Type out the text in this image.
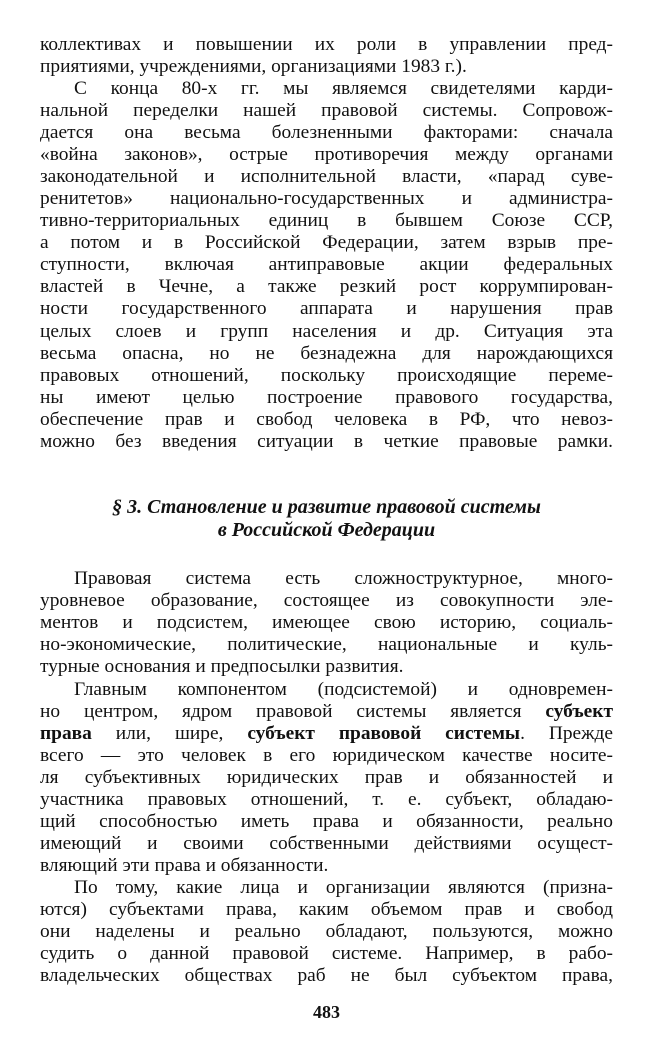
коллективах и повышении их роли в управлении пред-
приятиями, учреждениями, организациями 1983 г.).
С конца 80-х гг. мы являемся свидетелями карди-
нальной переделки нашей правовой системы. Сопровож-
дается она весьма болезненными факторами: сначала
«война законов», острые противоречия между органами
законодательной и исполнительной власти, «парад суве-
ренитетов» национально-государственных и администра-
тивно-территориальных единиц в бывшем Союзе ССР,
а потом и в Российской Федерации, затем взрыв пре-
ступности, включая антиправовые акции федеральных
властей в Чечне, а также резкий рост коррумпирован-
ности государственного аппарата и нарушения прав
целых слоев и групп населения и др. Ситуация эта
весьма опасна, но не безнадежна для нарождающихся
правовых отношений, поскольку происходящие переме-
ны имеют целью построение правового государства,
обеспечение прав и свобод человека в РФ, что невоз-
можно без введения ситуации в четкие правовые рамки.
§ 3. Становление и развитие правовой системы
в Российской Федерации
Правовая система есть сложноструктурное, много-
уровневое образование, состоящее из совокупности эле-
ментов и подсистем, имеющее свою историю, социаль-
но-экономические, политические, национальные и куль-
турные основания и предпосылки развития.
Главным компонентом (подсистемой) и одновремен-
но центром, ядром правовой системы является субъект
права или, шире, субъект правовой системы. Прежде
всего — это человек в его юридическом качестве носите-
ля субъективных юридических прав и обязанностей и
участника правовых отношений, т. е. субъект, обладаю-
щий способностью иметь права и обязанности, реально
имеющий и своими собственными действиями осущест-
вляющий эти права и обязанности.
По тому, какие лица и организации являются (призна-
ются) субъектами права, каким объемом прав и свобод
они наделены и реально обладают, пользуются, можно
судить о данной правовой системе. Например, в рабо-
владельческих обществах раб не был субъектом права,
483
